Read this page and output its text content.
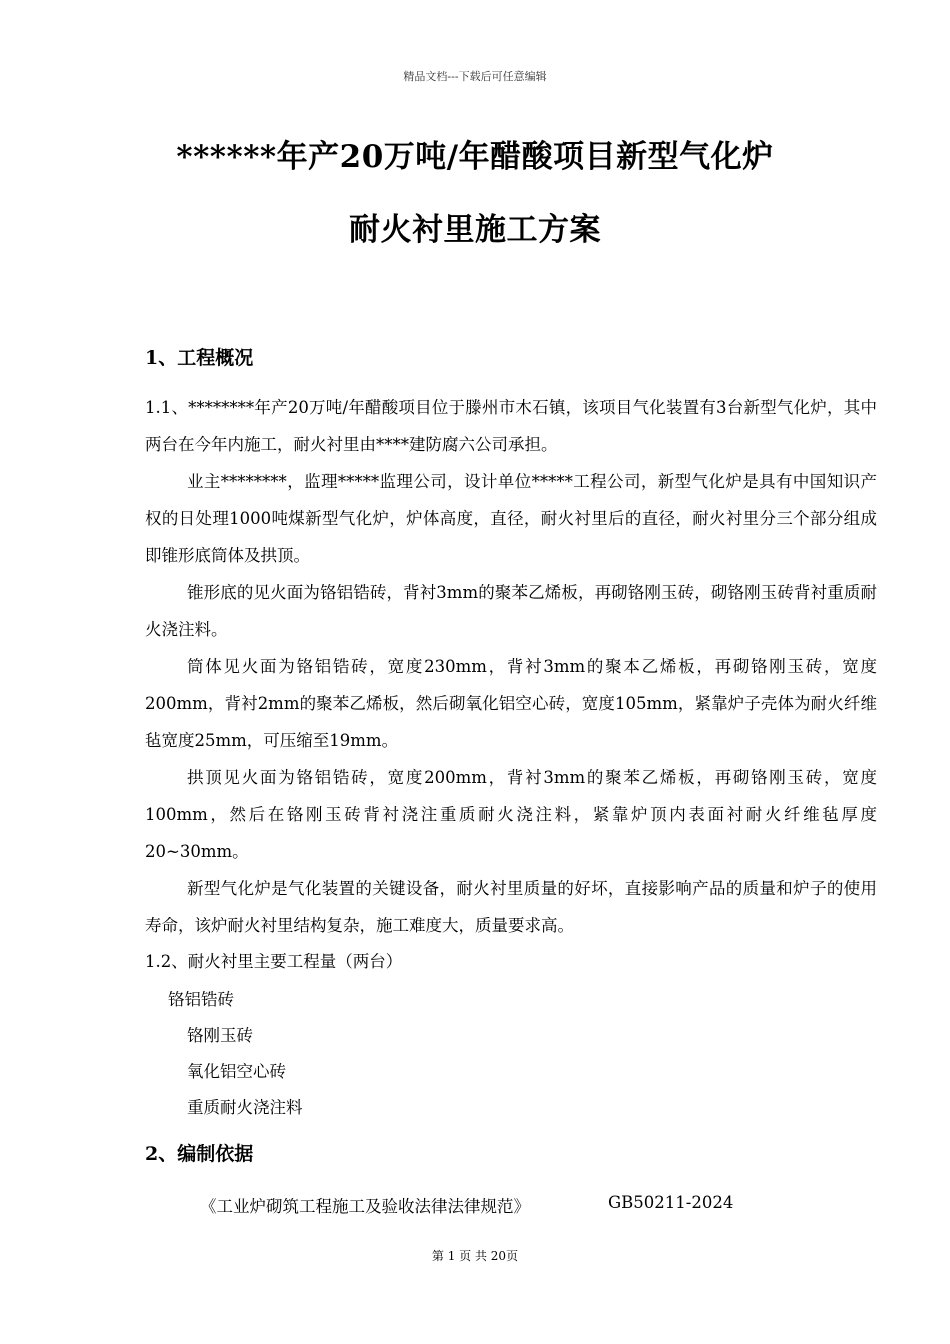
精品文档---下载后可任意编辑
******年产20万吨/年醋酸项目新型气化炉
耐火衬里施工方案
1、工程概况
1.1、********年产20万吨/年醋酸项目位于滕州市木石镇，该项目气化装置有3台新型气化炉，其中两台在今年内施工，耐火衬里由****建防腐六公司承担。
业主********，监理*****监理公司，设计单位*****工程公司，新型气化炉是具有中国知识产权的日处理1000吨煤新型气化炉，炉体高度，直径，耐火衬里后的直径，耐火衬里分三个部分组成即锥形底筒体及拱顶。
锥形底的见火面为铬铝锆砖，背衬3mm的聚苯乙烯板，再砌铬刚玉砖，砌铬刚玉砖背衬重质耐火浇注料。
筒体见火面为铬铝锆砖，宽度230mm，背衬3mm的聚本乙烯板，再砌铬刚玉砖，宽度200mm，背衬2mm的聚苯乙烯板，然后砌氧化铝空心砖，宽度105mm，紧靠炉子壳体为耐火纤维毡宽度25mm，可压缩至19mm。
拱顶见火面为铬铝锆砖，宽度200mm，背衬3mm的聚苯乙烯板，再砌铬刚玉砖，宽度100mm，然后在铬刚玉砖背衬浇注重质耐火浇注料，紧靠炉顶内表面衬耐火纤维毡厚度20~30mm。
新型气化炉是气化装置的关键设备，耐火衬里质量的好坏，直接影响产品的质量和炉子的使用寿命，该炉耐火衬里结构复杂，施工难度大，质量要求高。
1.2、耐火衬里主要工程量（两台）
铬铝锆砖
铬刚玉砖
氧化铝空心砖
重质耐火浇注料
2、编制依据
《工业炉砌筑工程施工及验收法律法律规范》	GB50211-2024
第 1 页 共 20页
